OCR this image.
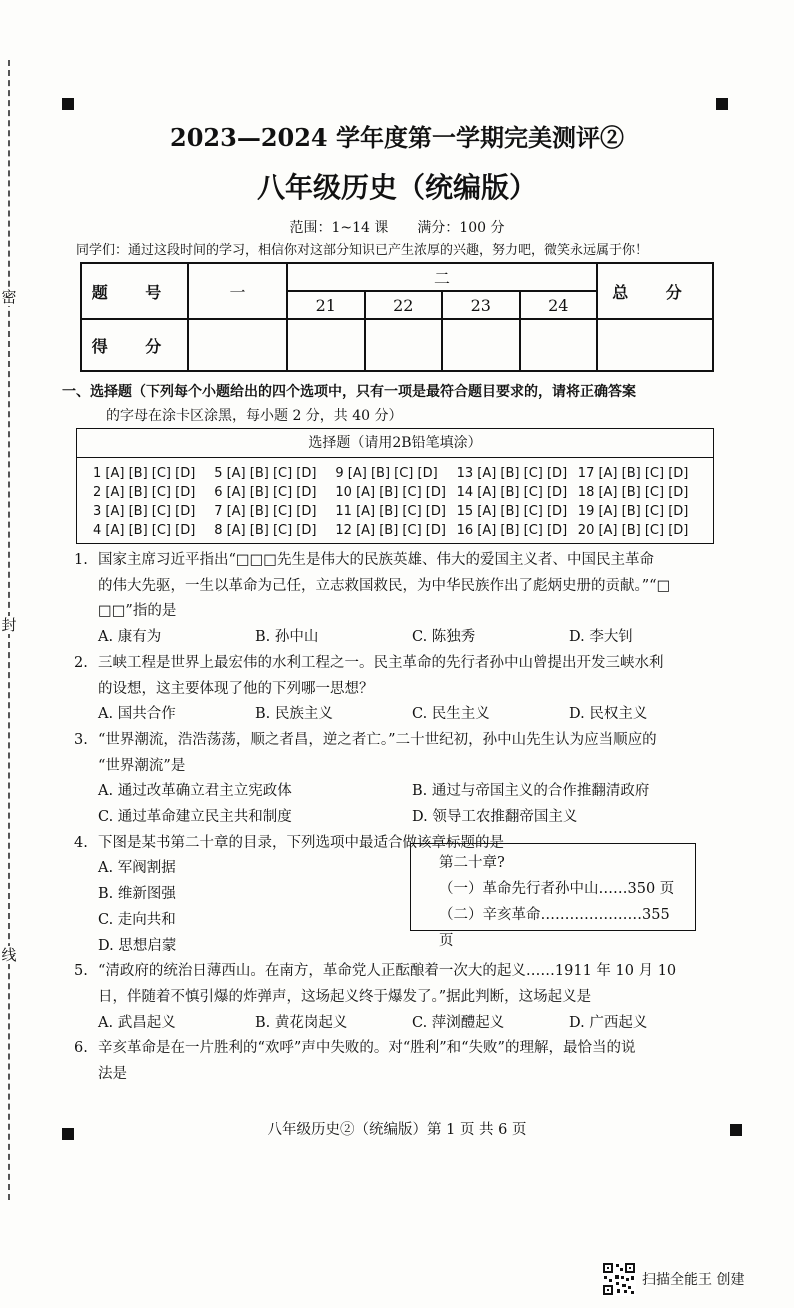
密
封
线
2023—2024 学年度第一学期完美测评②
八年级历史（统编版）
范围：1~14 课 满分：100 分
同学们：通过这段时间的学习，相信你对这部分知识已产生浓厚的兴趣，努力吧，微笑永远属于你！
题 号	一	二				总 分
		21	22	23	24	
得 分						
一、选择题（下列每个小题给出的四个选项中，只有一项是最符合题目要求的，请将正确答案
的字母在涂卡区涂黑，每小题 2 分，共 40 分）
选择题（请用2B铅笔填涂）
1 [A] [B] [C] [D]	5 [A] [B] [C] [D]	9 [A] [B] [C] [D]	13 [A] [B] [C] [D] 17 [A] [B] [C] [D]
2 [A] [B] [C] [D]	6 [A] [B] [C] [D]	10 [A] [B] [C] [D] 14 [A] [B] [C] [D] 18 [A] [B] [C] [D]
3 [A] [B] [C] [D]	7 [A] [B] [C] [D]	11 [A] [B] [C] [D] 15 [A] [B] [C] [D] 19 [A] [B] [C] [D]
4 [A] [B] [C] [D]	8 [A] [B] [C] [D]	12 [A] [B] [C] [D] 16 [A] [B] [C] [D] 20 [A] [B] [C] [D]
1. 国家主席习近平指出“□□□先生是伟大的民族英雄、伟大的爱国主义者、中国民主革命
的伟大先驱，一生以革命为己任，立志救国救民，为中华民族作出了彪炳史册的贡献。”“□
□□”指的是
A. 康有为	B. 孙中山	C. 陈独秀	D. 李大钊
2. 三峡工程是世界上最宏伟的水利工程之一。民主革命的先行者孙中山曾提出开发三峡水利
的设想，这主要体现了他的下列哪一思想？
A. 国共合作	B. 民族主义	C. 民生主义	D. 民权主义
3. “世界潮流，浩浩荡荡，顺之者昌，逆之者亡。”二十世纪初，孙中山先生认为应当顺应的
“世界潮流”是
A. 通过改革确立君主立宪政体	B. 通过与帝国主义的合作推翻清政府
C. 通过革命建立民主共和制度	D. 领导工农推翻帝国主义
4. 下图是某书第二十章的目录，下列选项中最适合做该章标题的是
A. 军阀割据
B. 维新图强
C. 走向共和
D. 思想启蒙
第二十章?
（一）革命先行者孙中山……350 页
（二）辛亥革命…………………355 页
5. “清政府的统治日薄西山。在南方，革命党人正酝酿着一次大的起义……1911 年 10 月 10
日，伴随着不慎引爆的炸弹声，这场起义终于爆发了。”据此判断，这场起义是
A. 武昌起义	B. 黄花岗起义	C. 萍浏醴起义	D. 广西起义
6. 辛亥革命是在一片胜利的“欢呼”声中失败的。对“胜利”和“失败”的理解，最恰当的说
法是
八年级历史②（统编版）第 1 页 共 6 页
扫描全能王 创建
